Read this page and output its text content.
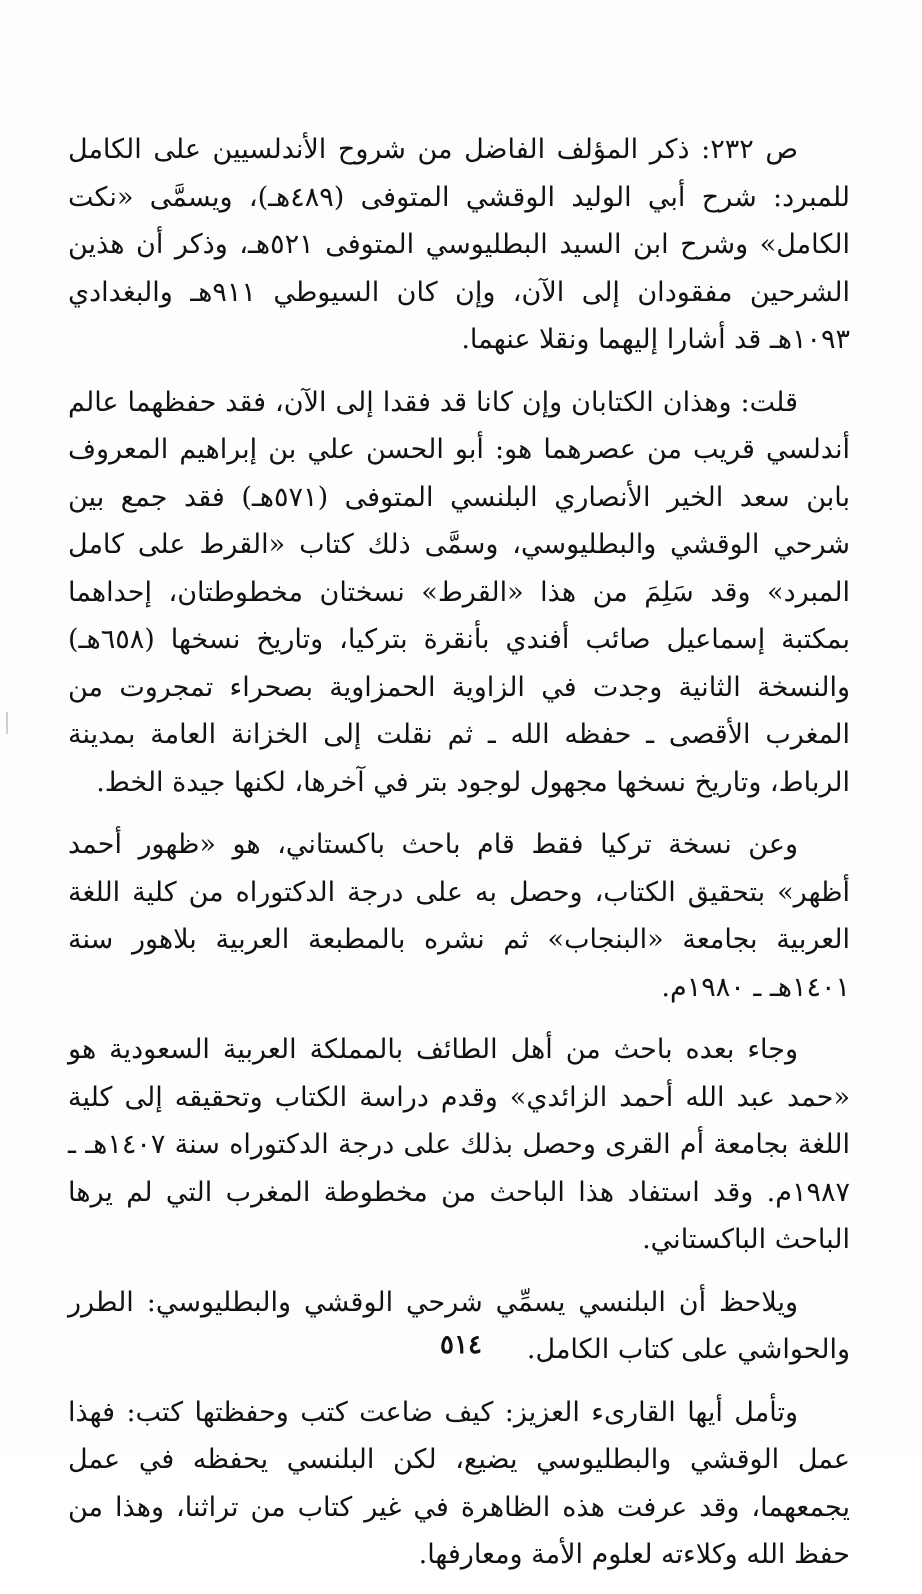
ص ٢٣٢: ذكر المؤلف الفاضل من شروح الأندلسيين على الكامل للمبرد: شرح أبي الوليد الوقشي المتوفى (٤٨٩هـ)، ويسمَّى «نكت الكامل» وشرح ابن السيد البطليوسي المتوفى ٥٢١هـ، وذكر أن هذين الشرحين مفقودان إلى الآن، وإن كان السيوطي ٩١١هـ والبغدادي ١٠٩٣هـ قد أشارا إليهما ونقلا عنهما.

قلت: وهذان الكتابان وإن كانا قد فقدا إلى الآن، فقد حفظهما عالم أندلسي قريب من عصرهما هو: أبو الحسن علي بن إبراهيم المعروف بابن سعد الخير الأنصاري البلنسي المتوفى (٥٧١هـ) فقد جمع بين شرحي الوقشي والبطليوسي، وسمَّى ذلك كتاب «القرط على كامل المبرد» وقد سَلِمَ من هذا «القرط» نسختان مخطوطتان، إحداهما بمكتبة إسماعيل صائب أفندي بأنقرة بتركيا، وتاريخ نسخها (٦٥٨هـ) والنسخة الثانية وجدت في الزاوية الحمزاوية بصحراء تمجروت من المغرب الأقصى ـ حفظه الله ـ ثم نقلت إلى الخزانة العامة بمدينة الرباط، وتاريخ نسخها مجهول لوجود بتر في آخرها، لكنها جيدة الخط.

وعن نسخة تركيا فقط قام باحث باكستاني، هو «ظهور أحمد أظهر» بتحقيق الكتاب، وحصل به على درجة الدكتوراه من كلية اللغة العربية بجامعة «البنجاب» ثم نشره بالمطبعة العربية بلاهور سنة ١٤٠١هـ ـ ١٩٨٠م.

وجاء بعده باحث من أهل الطائف بالمملكة العربية السعودية هو «حمد عبد الله أحمد الزائدي» وقدم دراسة الكتاب وتحقيقه إلى كلية اللغة بجامعة أم القرى وحصل بذلك على درجة الدكتوراه سنة ١٤٠٧هـ ـ ١٩٨٧م. وقد استفاد هذا الباحث من مخطوطة المغرب التي لم يرها الباحث الباكستاني.

ويلاحظ أن البلنسي يسمِّي شرحي الوقشي والبطليوسي: الطرر والحواشي على كتاب الكامل.

وتأمل أيها القارىء العزيز: كيف ضاعت كتب وحفظتها كتب: فهذا عمل الوقشي والبطليوسي يضيع، لكن البلنسي يحفظه في عمل يجمعهما، وقد عرفت هذه الظاهرة في غير كتاب من تراثنا، وهذا من حفظ الله وكلاءته لعلوم الأمة ومعارفها.

٥١٤
